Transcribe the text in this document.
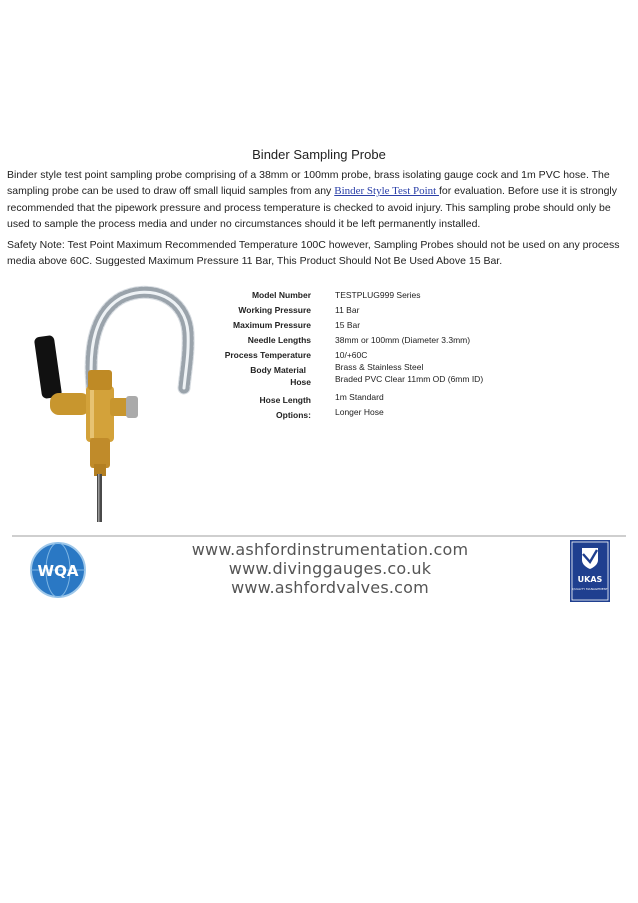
Binder Sampling Probe
Binder style test point sampling probe comprising of a 38mm or 100mm probe, brass isolating gauge cock and 1m PVC hose. The sampling probe can be used to draw off small liquid samples from any Binder Style Test Point for evaluation. Before use it is strongly recommended that the pipework pressure and process temperature is checked to avoid injury. This sampling probe should only be used to sample the process media and under no circumstances should it be left permanently installed.
Safety Note: Test Point Maximum Recommended Temperature 100C however, Sampling Probes should not be used on any process media above 60C. Suggested Maximum Pressure 11 Bar, This Product Should Not Be Used Above 15 Bar.
Model Number	TESTPLUG999 Series
Working Pressure	11 Bar
Maximum Pressure	15 Bar
Needle Lengths	38mm or 100mm (Diameter 3.3mm)
Process Temperature	10/+60C
Body Material	Brass & Stainless Steel
Hose	Braded PVC Clear 11mm OD (6mm ID)
Hose Length	1m Standard
Options:	Longer Hose
WQA
www.ashfordinstrumentation.com
www.divinggauges.co.uk
www.ashfordvalves.com	UKAS
QUALITY MANAGEMENT
